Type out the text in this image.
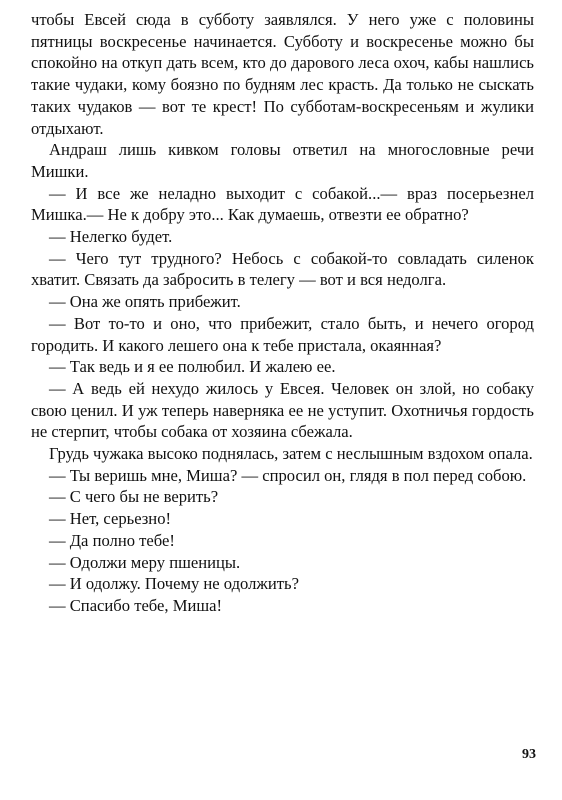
чтобы Евсей сюда в субботу заявлялся. У него уже с половины пятницы воскресенье начинается. Субботу и воскресенье можно бы спокойно на откуп дать всем, кто до дарового леса охоч, кабы нашлись такие чудаки, кому боязно по будням лес красть. Да только не сыскать таких чудаков — вот те крест! По субботам-воскресеньям и жулики отдыхают.

Андраш лишь кивком головы ответил на многословные речи Мишки.

— И все же неладно выходит с собакой...— враз посерьезнел Мишка.— Не к добру это... Как думаешь, отвезти ее обратно?

— Нелегко будет.

— Чего тут трудного? Небось с собакой-то совладать силенок хватит. Связать да забросить в телегу — вот и вся недолга.

— Она же опять прибежит.

— Вот то-то и оно, что прибежит, стало быть, и нечего огород городить. И какого лешего она к тебе пристала, окаянная?

— Так ведь и я ее полюбил. И жалею ее.

— А ведь ей нехудо жилось у Евсея. Человек он злой, но собаку свою ценил. И уж теперь наверняка ее не уступит. Охотничья гордость не стерпит, чтобы собака от хозяина сбежала.

Грудь чужака высоко поднялась, затем с неслышным вздохом опала.

— Ты веришь мне, Миша? — спросил он, глядя в пол перед собою.

— С чего бы не верить?

— Нет, серьезно!

— Да полно тебе!

— Одолжи меру пшеницы.

— И одолжу. Почему не одолжить?

— Спасибо тебе, Миша!

93
